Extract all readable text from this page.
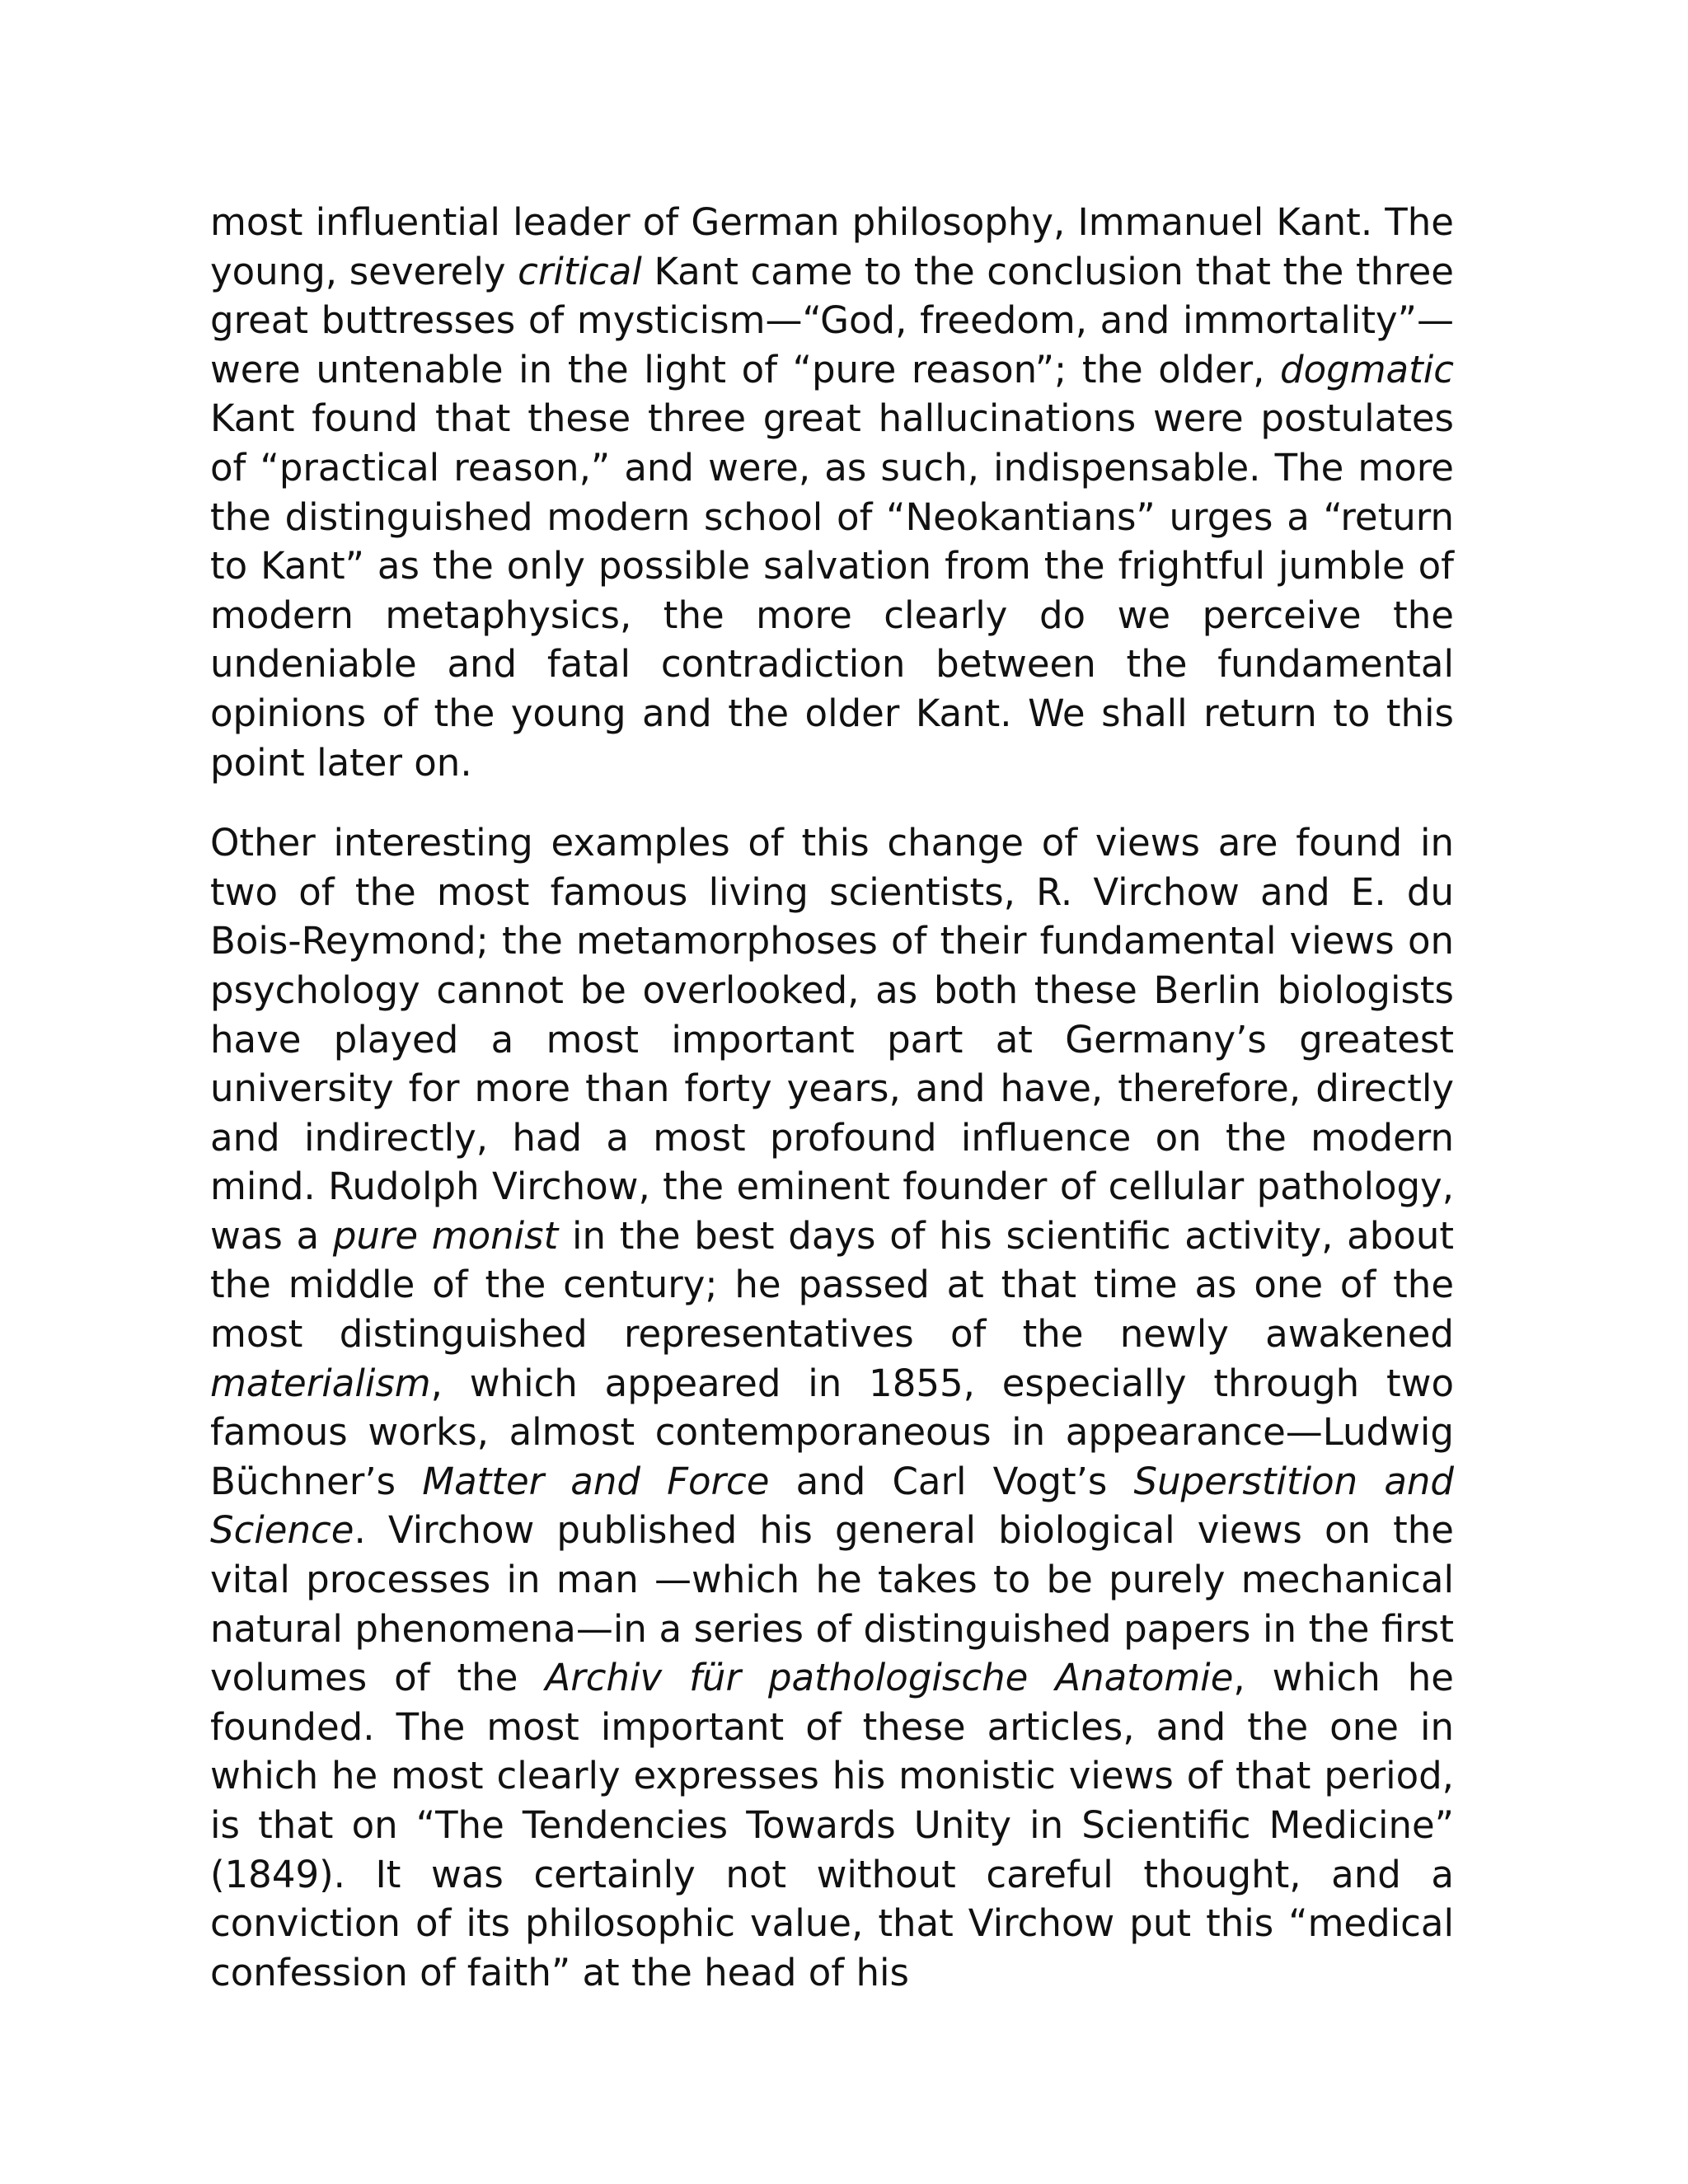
most influential leader of German philosophy, Immanuel Kant. The young, severely critical Kant came to the conclusion that the three great buttresses of mysticism—“God, freedom, and immortality”—were untenable in the light of “pure reason”; the older, dogmatic Kant found that these three great hallucinations were postulates of “practical reason,” and were, as such, indispensable. The more the distinguished modern school of “Neokantians” urges a “return to Kant” as the only possible salvation from the frightful jumble of modern metaphysics, the more clearly do we perceive the undeniable and fatal contradiction between the fundamental opinions of the young and the older Kant. We shall return to this point later on.

Other interesting examples of this change of views are found in two of the most famous living scientists, R. Virchow and E. du Bois-Reymond; the metamorphoses of their fundamental views on psychology cannot be overlooked, as both these Berlin biologists have played a most important part at Germany’s greatest university for more than forty years, and have, therefore, directly and indirectly, had a most profound influence on the modern mind. Rudolph Virchow, the eminent founder of cellular pathology, was a pure monist in the best days of his scientific activity, about the middle of the century; he passed at that time as one of the most distinguished representatives of the newly awakened materialism, which appeared in 1855, especially through two famous works, almost contemporaneous in appearance—Ludwig Büchner’s Matter and Force and Carl Vogt’s Superstition and Science. Virchow published his general biological views on the vital processes in man —which he takes to be purely mechanical natural phenomena—in a series of distinguished papers in the first volumes of the Archiv für pathologische Anatomie, which he founded. The most important of these articles, and the one in which he most clearly expresses his monistic views of that period, is that on “The Tendencies Towards Unity in Scientific Medicine” (1849). It was certainly not without careful thought, and a conviction of its philosophic value, that Virchow put this “medical confession of faith” at the head of his
